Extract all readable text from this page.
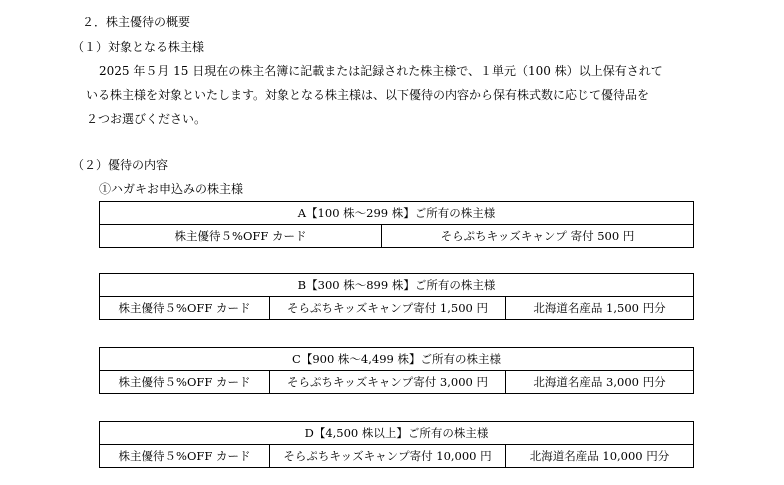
２．株主優待の概要
（１）対象となる株主様
2025 年５月 15 日現在の株主名簿に記載または記録された株主様で、１単元（100 株）以上保有されて
いる株主様を対象といたします。対象となる株主様は、以下優待の内容から保有株式数に応じて優待品を
２つお選びください。
（２）優待の内容
①ハガキお申込みの株主様
A【100 株～299 株】ご所有の株主様
株主優待５%OFF カード	そらぷちキッズキャンプ 寄付 500 円
B【300 株～899 株】ご所有の株主様
株主優待５%OFF カード	そらぷちキッズキャンプ寄付 1,500 円	北海道名産品 1,500 円分
C【900 株～4,499 株】ご所有の株主様
株主優待５%OFF カード	そらぷちキッズキャンプ寄付 3,000 円	北海道名産品 3,000 円分
D【4,500 株以上】ご所有の株主様
株主優待５%OFF カード	そらぷちキッズキャンプ寄付 10,000 円	北海道名産品 10,000 円分
